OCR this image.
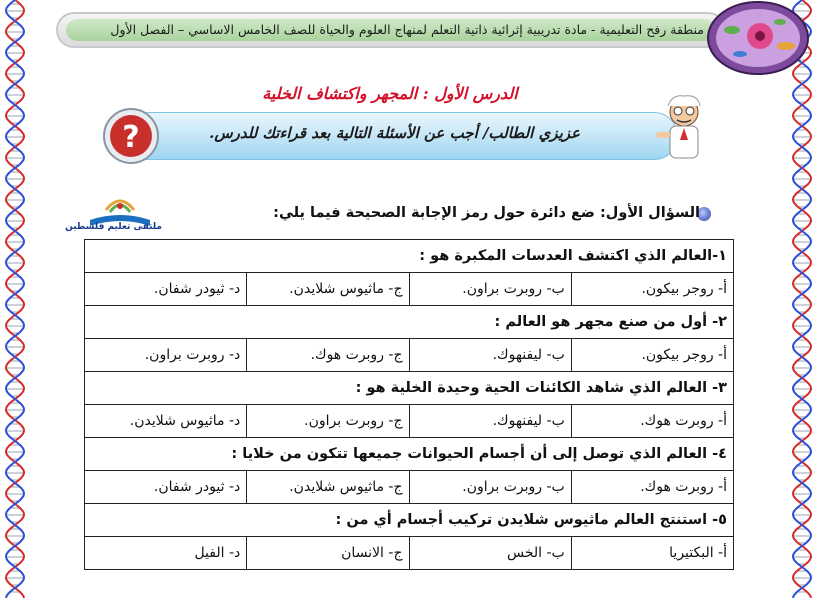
منطقة رفح التعليمية - مادة تدريبية إثرائية ذاتية التعلم لمنهاج العلوم والحياة للصف الخامس الاساسي – الفصل الأول
الدرس الأول : المجهر واكتشاف الخلية
عزيزي الطالب/ أجب عن الأسئلة التالية بعد قراءتك للدرس.
?
ملتقى تعليم فلسطين
السؤال الأول: ضع دائرة حول رمز الإجابة الصحيحة فيما يلي:
١-العالم الذي اكتشف العدسات المكبرة هو :			
أ- روجر بيكون.	ب- روبرت براون.	ج- ماثيوس شلايدن.	د- ثيودر شفان.
٢- أول من صنع مجهر هو العالم :			
أ- روجر بيكون.	ب- ليفنهوك.	ج- روبرت هوك.	د- روبرت براون.
٣- العالم الذي شاهد الكائنات الحية وحيدة الخلية هو :			
أ- روبرت هوك.	ب- ليفنهوك.	ج- روبرت براون.	د- ماثيوس شلايدن.
٤- العالم الذي توصل إلى أن أجسام الحيوانات جميعها تتكون من خلايا :			
أ- روبرت هوك.	ب- روبرت براون.	ج- ماثيوس شلايدن.	د- ثيودر شفان.
٥- استنتج العالم ماثيوس شلايدن تركيب أجسام أي من :			
أ- البكتيريا	ب- الخس	ج- الانسان	د- الفيل
